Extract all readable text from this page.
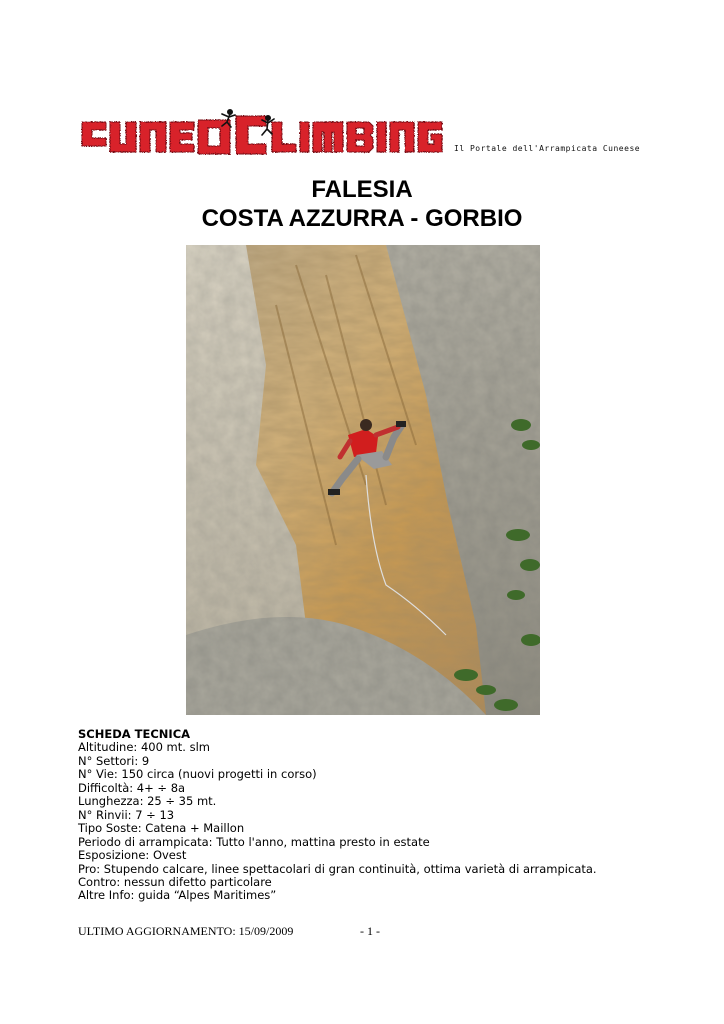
Il Portale dell'Arrampicata Cuneese
FALESIA
COSTA AZZURRA - GORBIO
SCHEDA TECNICA
Altitudine: 400 mt. slm
N° Settori: 9
N° Vie: 150 circa (nuovi progetti in corso)
Difficoltà: 4+ ÷ 8a
Lunghezza: 25 ÷ 35 mt.
N° Rinvii: 7 ÷ 13
Tipo Soste: Catena + Maillon
Periodo di arrampicata: Tutto l'anno, mattina presto in estate
Esposizione: Ovest
Pro: Stupendo calcare, linee spettacolari di gran continuità, ottima varietà di arrampicata.
Contro: nessun difetto particolare
Altre Info: guida “Alpes Maritimes”
ULTIMO AGGIORNAMENTO: 15/09/2009	- 1 -
